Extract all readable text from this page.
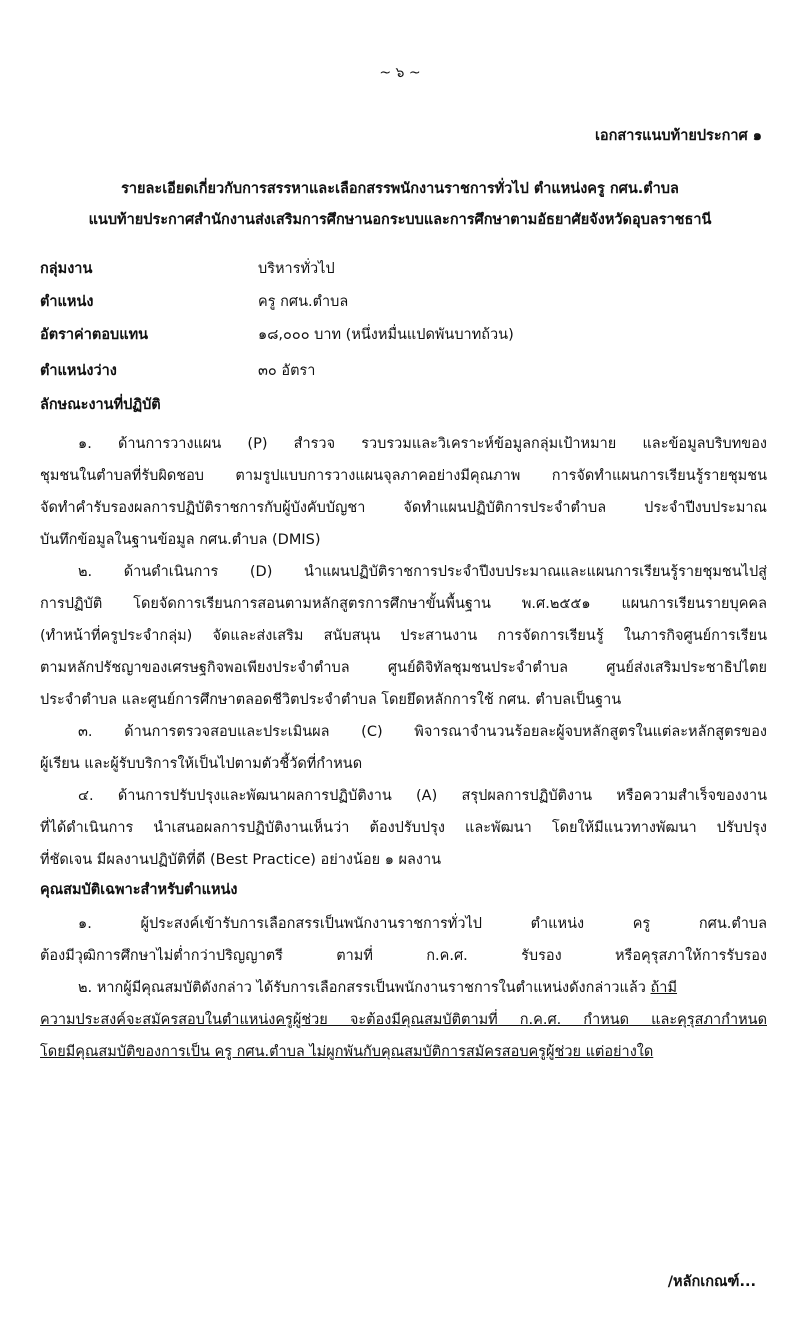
~ ๖ ~
เอกสารแนบท้ายประกาศ ๑
รายละเอียดเกี่ยวกับการสรรหาและเลือกสรรพนักงานราชการทั่วไป ตำแหน่งครู กศน.ตำบล
แนบท้ายประกาศสำนักงานส่งเสริมการศึกษานอกระบบและการศึกษาตามอัธยาศัยจังหวัดอุบลราชธานี
กลุ่มงาน	บริหารทั่วไป
ตำแหน่ง	ครู กศน.ตำบล
อัตราค่าตอบแทน	๑๘,๐๐๐ บาท (หนึ่งหมื่นแปดพันบาทถ้วน)
ตำแหน่งว่าง	๓๐ อัตรา
ลักษณะงานที่ปฏิบัติ
๑. ด้านการวางแผน (P) สำรวจ รวบรวมและวิเคราะห์ข้อมูลกลุ่มเป้าหมาย และข้อมูลบริบทของ
ชุมชนในตำบลที่รับผิดชอบ ตามรูปแบบการวางแผนจุลภาคอย่างมีคุณภาพ การจัดทำแผนการเรียนรู้รายชุมชน
จัดทำคำรับรองผลการปฏิบัติราชการกับผู้บังคับบัญชา จัดทำแผนปฏิบัติการประจำตำบล ประจำปีงบประมาณ
บันทึกข้อมูลในฐานข้อมูล กศน.ตำบล (DMIS)
๒. ด้านดำเนินการ (D) นำแผนปฏิบัติราชการประจำปีงบประมาณและแผนการเรียนรู้รายชุมชนไปสู่
การปฏิบัติ โดยจัดการเรียนการสอนตามหลักสูตรการศึกษาขั้นพื้นฐาน พ.ศ.๒๕๕๑ แผนการเรียนรายบุคคล
(ทำหน้าที่ครูประจำกลุ่ม) จัดและส่งเสริม สนับสนุน ประสานงาน การจัดการเรียนรู้ ในภารกิจศูนย์การเรียน
ตามหลักปรัชญาของเศรษฐกิจพอเพียงประจำตำบล ศูนย์ดิจิทัลชุมชนประจำตำบล ศูนย์ส่งเสริมประชาธิปไตย
ประจำตำบล และศูนย์การศึกษาตลอดชีวิตประจำตำบล โดยยึดหลักการใช้ กศน. ตำบลเป็นฐาน
๓. ด้านการตรวจสอบและประเมินผล (C) พิจารณาจำนวนร้อยละผู้จบหลักสูตรในแต่ละหลักสูตรของ
ผู้เรียน และผู้รับบริการให้เป็นไปตามตัวชี้วัดที่กำหนด
๔. ด้านการปรับปรุงและพัฒนาผลการปฏิบัติงาน (A) สรุปผลการปฏิบัติงาน หรือความสำเร็จของงาน
ที่ได้ดำเนินการ นำเสนอผลการปฏิบัติงานเห็นว่า ต้องปรับปรุง และพัฒนา โดยให้มีแนวทางพัฒนา ปรับปรุง
ที่ชัดเจน มีผลงานปฏิบัติที่ดี (Best Practice) อย่างน้อย ๑ ผลงาน
คุณสมบัติเฉพาะสำหรับตำแหน่ง
๑. ผู้ประสงค์เข้ารับการเลือกสรรเป็นพนักงานราชการทั่วไป ตำแหน่ง ครู กศน.ตำบล
ต้องมีวุฒิการศึกษาไม่ต่ำกว่าปริญญาตรี ตามที่ ก.ค.ศ. รับรอง หรือคุรุสภาให้การรับรอง
๒. หากผู้มีคุณสมบัติดังกล่าว ได้รับการเลือกสรรเป็นพนักงานราชการในตำแหน่งดังกล่าวแล้ว ถ้ามี
ความประสงค์จะสมัครสอบในตำแหน่งครูผู้ช่วย จะต้องมีคุณสมบัติตามที่ ก.ค.ศ. กำหนด และคุรุสภากำหนด
โดยมีคุณสมบัติของการเป็น ครู กศน.ตำบล ไม่ผูกพันกับคุณสมบัติการสมัครสอบครูผู้ช่วย แต่อย่างใด
/หลักเกณฑ์...
